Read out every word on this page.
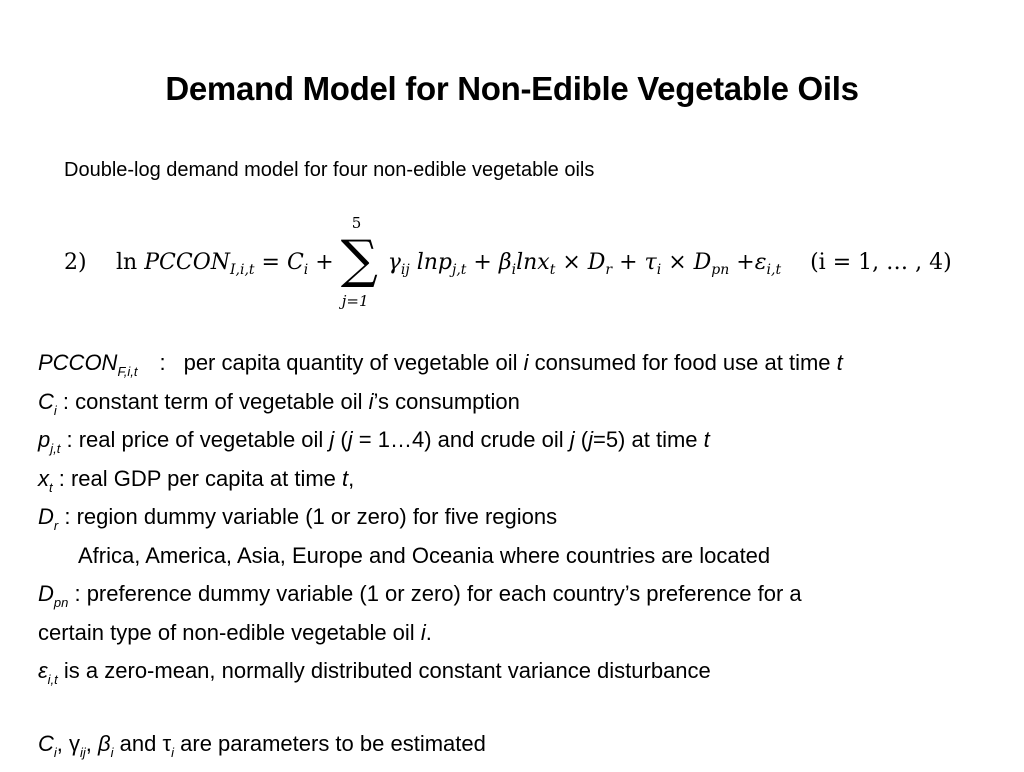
Demand Model for Non-Edible Vegetable Oils
Double-log demand model for four non-edible vegetable oils
2) $\ln PCCON_{I,i,t} = C_i$ +
5
∑
j=1
$\gamma_{ij}$ $\ln p_{j,t} + \beta_i\ln x_t \times D_r + \tau_i \times D_{pn} +\varepsilon_{i,t}$ (i = 1, … , 4)
$PCCON_{F,i,t}$ : per capita quantity of vegetable oil i consumed for food use at time t
$C_i$ : constant term of vegetable oil i’s consumption
$p_{j,t}$ : real price of vegetable oil j (j = 1…4) and crude oil j (j=5) at time t
$x_t$ : real GDP per capita at time t,
$D_r$ : region dummy variable (1 or zero) for five regions
Africa, America, Asia, Europe and Oceania where countries are located
$D_{pn}$ : preference dummy variable (1 or zero) for each country’s preference for a
certain type of non-edible vegetable oil i.
$\varepsilon_{i,t}$ is a zero-mean, normally distributed constant variance disturbance
$C_i$, $\gamma_{ij}$, $\beta_i$ and $\tau_i$ are parameters to be estimated
